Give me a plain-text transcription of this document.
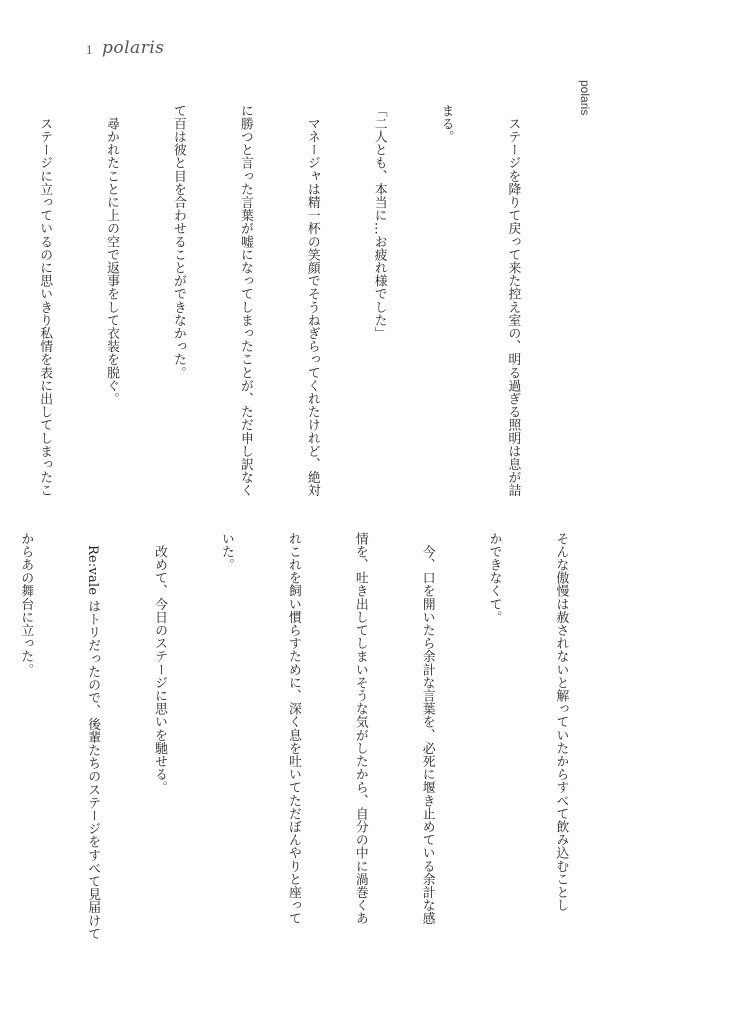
1 polaris
polaris

　ステージを降りて戻って来た控え室の、明る過ぎる照明は息が詰

まる。

「二人とも、本当に…お疲れ様でした」

　マネージャは精一杯の笑顔でそうねぎらってくれたけれど、絶対

に勝つと言った言葉が嘘になってしまったことが、ただ申し訳なく

て百は彼と目を合わせることができなかった。

　尋かれたことに上の空で返事をして衣装を脱ぐ。

　ステージに立っているのに思いきり私情を表に出してしまったこ

そんな傲慢は赦されないと解っていたからすべて飲み込むことし

かできなくて。

　今、口を開いたら余計な言葉を、必死に堰き止めている余計な感

情を、吐き出してしまいそうな気がしたから、自分の中に渦巻くあ

れこれを飼い慣らすために、深く息を吐いてただぼんやりと座って

いた。

　改めて、今日のステージに思いを馳せる。

　Re:vale はトリだったので、後輩たちのステージをすべて見届けて

からあの舞台に立った。
